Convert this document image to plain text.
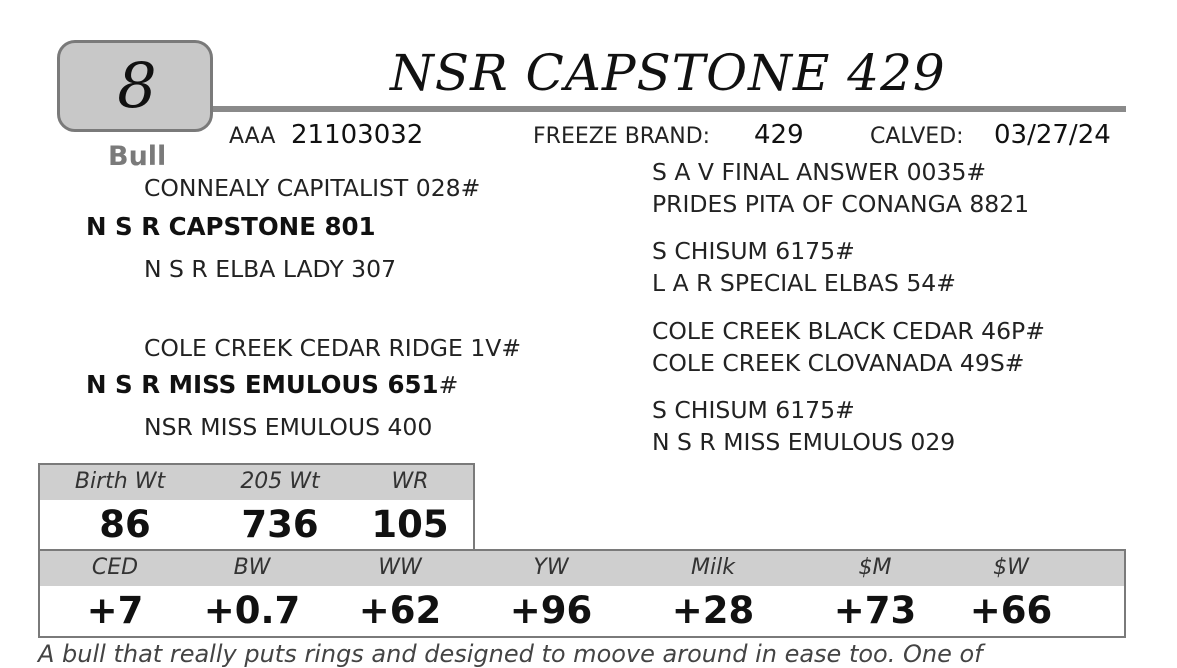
8
Bull
NSR CAPSTONE 429
AAA 21103032	FREEZE BRAND: 429	CALVED: 03/27/24
CONNEALY CAPITALIST 028#
N S R CAPSTONE 801
N S R ELBA LADY 307
COLE CREEK CEDAR RIDGE 1V#
N S R MISS EMULOUS 651#
NSR MISS EMULOUS 400
S A V FINAL ANSWER 0035#
PRIDES PITA OF CONANGA 8821
S CHISUM 6175#
L A R SPECIAL ELBAS 54#
COLE CREEK BLACK CEDAR 46P#
COLE CREEK CLOVANADA 49S#
S CHISUM 6175#
N S R MISS EMULOUS 029
Birth Wt	205 Wt	WR
86	736	105
CED	BW	WW	YW	Milk	$M	$W
+7	+0.7	+62	+96	+28	+73	+66
A bull that really puts rings and designed to moove around in ease too. One of
